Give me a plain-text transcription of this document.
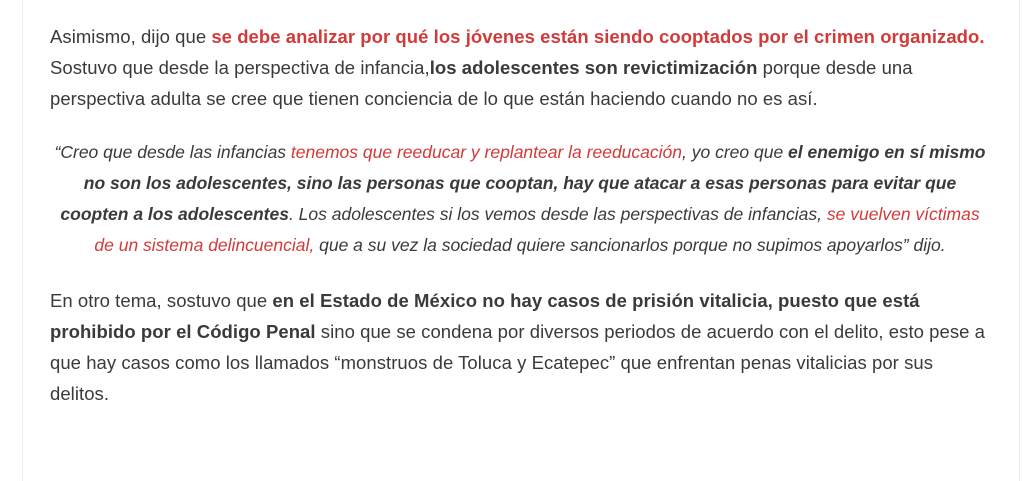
Asimismo, dijo que se debe analizar por qué los jóvenes están siendo cooptados por el crimen organizado. Sostuvo que desde la perspectiva de infancia,los adolescentes son revictimización porque desde una perspectiva adulta se cree que tienen conciencia de lo que están haciendo cuando no es así.

“Creo que desde las infancias tenemos que reeducar y replantear la reeducación, yo creo que el enemigo en sí mismo no son los adolescentes, sino las personas que cooptan, hay que atacar a esas personas para evitar que coopten a los adolescentes. Los adolescentes si los vemos desde las perspectivas de infancias, se vuelven víctimas de un sistema delincuencial, que a su vez la sociedad quiere sancionarlos porque no supimos apoyarlos” dijo.

En otro tema, sostuvo que en el Estado de México no hay casos de prisión vitalicia, puesto que está prohibido por el Código Penal sino que se condena por diversos periodos de acuerdo con el delito, esto pese a que hay casos como los llamados “monstruos de Toluca y Ecatepec” que enfrentan penas vitalicias por sus delitos.
